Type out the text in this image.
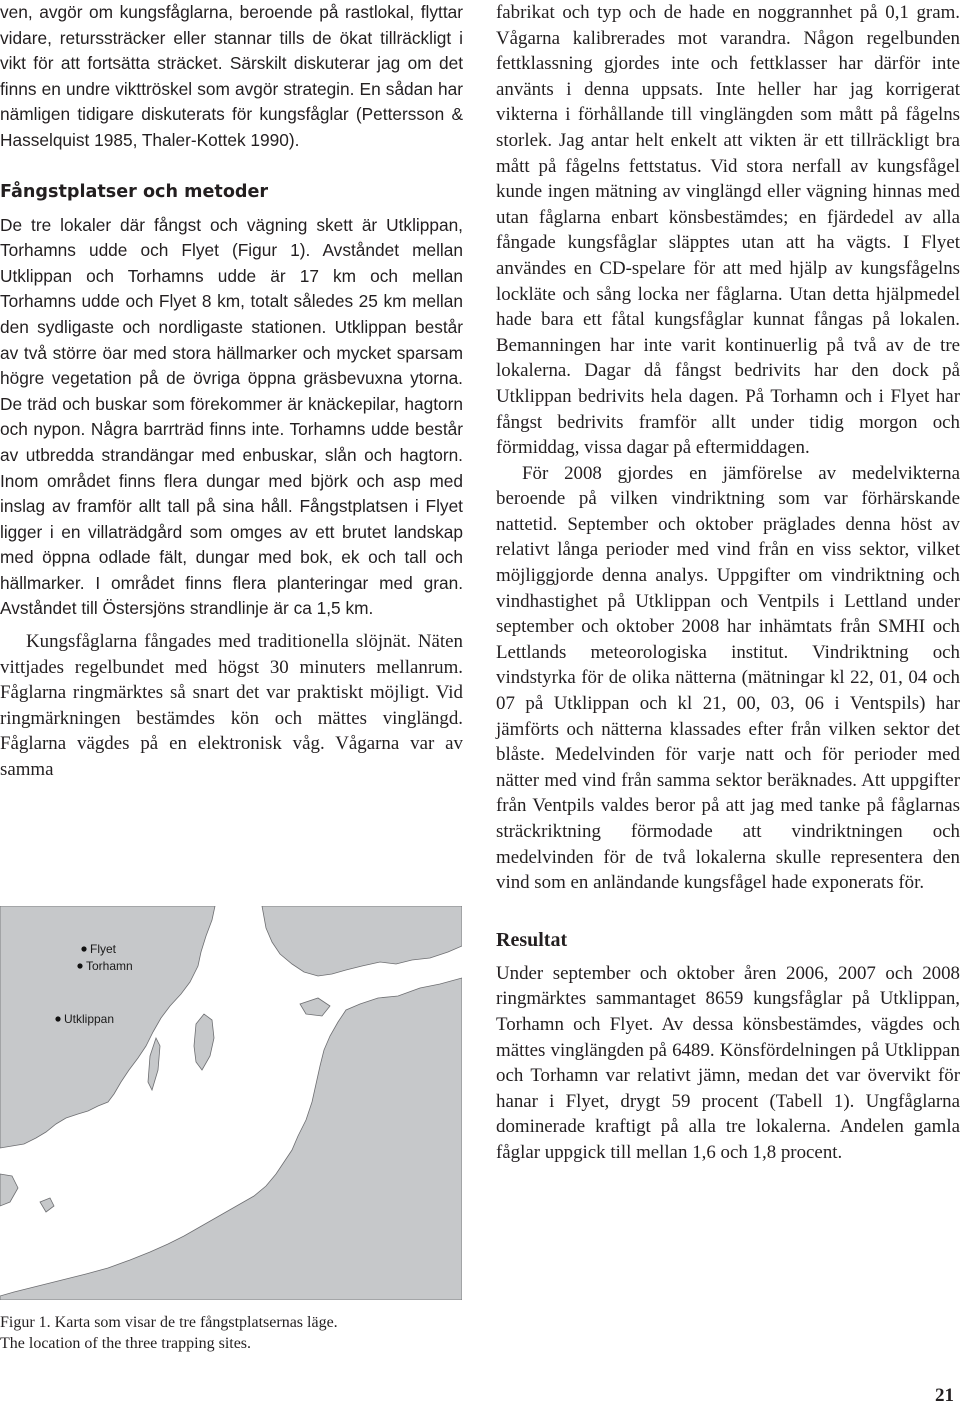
ven, avgör om kungsfåglarna, beroende på rastlokal, flyttar vidare, returssträcker eller stannar tills de ökat tillräckligt i vikt för att fortsätta sträcket. Särskilt diskuterar jag om det finns en undre vikttröskel som avgör strategin. En sådan har nämligen tidigare diskuterats för kungsfåglar (Pettersson & Hasselquist 1985, Thaler-Kottek 1990).

Fångstplatser och metoder

De tre lokaler där fångst och vägning skett är Utklippan, Torhamns udde och Flyet (Figur 1). Avståndet mellan Utklippan och Torhamns udde är 17 km och mellan Torhamns udde och Flyet 8 km, totalt således 25 km mellan den sydligaste och nordligaste stationen. Utklippan består av två större öar med stora hällmarker och mycket sparsam högre vegetation på de övriga öppna gräsbevuxna ytorna. De träd och buskar som förekommer är knäckepilar, hagtorn och nypon. Några barrträd finns inte. Torhamns udde består av utbredda strandängar med enbuskar, slån och hagtorn. Inom området finns flera dungar med björk och asp med inslag av framför allt tall på sina håll. Fångstplatsen i Flyet ligger i en villaträdgård som omges av ett brutet landskap med öppna odlade fält, dungar med bok, ek och tall och hällmarker. I området finns flera planteringar med gran. Avståndet till Östersjöns strandlinje är ca 1,5 km.

Kungsfåglarna fångades med traditionella slöjnät. Näten vittjades regelbundet med högst 30 minuters mellanrum. Fåglarna ringmärktes så snart det var praktiskt möjligt. Vid ringmärkningen bestämdes kön och mättes vinglängd. Fåglarna vägdes på en elektronisk våg. Vågarna var av samma

Flyet
Torhamn
Utklippan
Figur 1. Karta som visar de tre fångstplatsernas läge.
The location of the three trapping sites.

fabrikat och typ och de hade en noggrannhet på 0,1 gram. Vågarna kalibrerades mot varandra. Någon regelbunden fettklassning gjordes inte och fettklasser har därför inte använts i denna uppsats. Inte heller har jag korrigerat vikterna i förhållande till vinglängden som mått på fågelns storlek. Jag antar helt enkelt att vikten är ett tillräckligt bra mått på fågelns fettstatus. Vid stora nerfall av kungsfågel kunde ingen mätning av vinglängd eller vägning hinnas med utan fåglarna enbart könsbestämdes; en fjärdedel av alla fångade kungsfåglar släpptes utan att ha vägts. I Flyet användes en CD-spelare för att med hjälp av kungsfågelns lockläte och sång locka ner fåglarna. Utan detta hjälpmedel hade bara ett fåtal kungsfåglar kunnat fångas på lokalen. Bemanningen har inte varit kontinuerlig på två av de tre lokalerna. Dagar då fångst bedrivits har den dock på Utklippan bedrivits hela dagen. På Torhamn och i Flyet har fångst bedrivits framför allt under tidig morgon och förmiddag, vissa dagar på eftermiddagen.

För 2008 gjordes en jämförelse av medelvikterna beroende på vilken vindriktning som var förhärskande nattetid. September och oktober präglades denna höst av relativt långa perioder med vind från en viss sektor, vilket möjliggjorde denna analys. Uppgifter om vindriktning och vindhastighet på Utklippan och Ventpils i Lettland under september och oktober 2008 har inhämtats från SMHI och Lettlands meteorologiska institut. Vindriktning och vindstyrka för de olika nätterna (mätningar kl 22, 01, 04 och 07 på Utklippan och kl 21, 00, 03, 06 i Ventspils) har jämförts och nätterna klassades efter från vilken sektor det blåste. Medelvinden för varje natt och för perioder med nätter med vind från samma sektor beräknades. Att uppgifter från Ventpils valdes beror på att jag med tanke på fåglarnas sträckriktning förmodade att vindriktningen och medelvinden för de två lokalerna skulle representera den vind som en anländande kungsfågel hade exponerats för.

Resultat

Under september och oktober åren 2006, 2007 och 2008 ringmärktes sammantaget 8659 kungsfåglar på Utklippan, Torhamn och Flyet. Av dessa könsbestämdes, vägdes och mättes vinglängden på 6489. Könsfördelningen på Utklippan och Torhamn var relativt jämn, medan det var övervikt för hanar i Flyet, drygt 59 procent (Tabell 1). Ungfåglarna dominerade kraftigt på alla tre lokalerna. Andelen gamla fåglar uppgick till mellan 1,6 och 1,8 procent.

21
